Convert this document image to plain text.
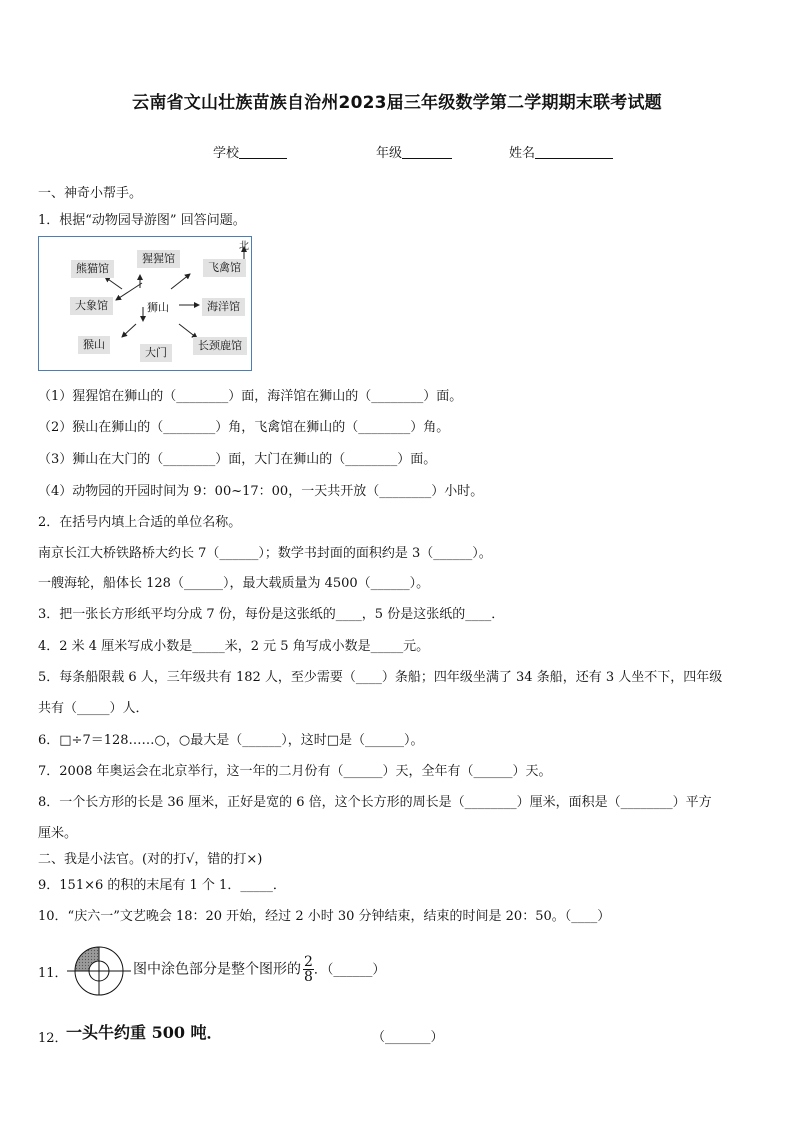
云南省文山壮族苗族自治州2023届三年级数学第二学期期末联考试题
学校	年级	姓名
一、神奇小帮手。
1．根据“动物园导游图” 回答问题。
北
熊猫馆
猩猩馆
飞禽馆
大象馆	狮山	海洋馆
猴山
大门
长颈鹿馆
（1）猩猩馆在狮山的（________）面，海洋馆在狮山的（________）面。
（2）猴山在狮山的（________）角，飞禽馆在狮山的（________）角。
（3）狮山在大门的（________）面，大门在狮山的（________）面。
（4）动物园的开园时间为 9：00~17：00，一天共开放（________）小时。
2．在括号内填上合适的单位名称。
南京长江大桥铁路桥大约长 7（______）；数学书封面的面积约是 3（______）。
一艘海轮，船体长 128（______），最大载质量为 4500（______）。
3．把一张长方形纸平均分成 7 份，每份是这张纸的____，5 份是这张纸的____．
4．2 米 4 厘米写成小数是_____米，2 元 5 角写成小数是_____元。
5．每条船限载 6 人，三年级共有 182 人，至少需要（____）条船；四年级坐满了 34 条船，还有 3 人坐不下，四年级
共有（_____）人．
6．□÷7＝128……○，○最大是（______），这时□是（______）。
7．2008 年奥运会在北京举行，这一年的二月份有（______）天，全年有（______）天。
8．一个长方形的长是 36 厘米，正好是宽的 6 倍，这个长方形的周长是（________）厘米，面积是（________）平方
厘米。
二、我是小法官。(对的打√，错的打×)
9．151×6 的积的末尾有 1 个 1．_____．
10．“庆六一”文艺晚会 18：20 开始，经过 2 小时 30 分钟结束，结束的时间是 20：50。（____）
11．	图中涂色部分是整个图形的 $\frac{2}{8}$ ．（______）
12．
一头牛约重 500 吨．	（_______）
